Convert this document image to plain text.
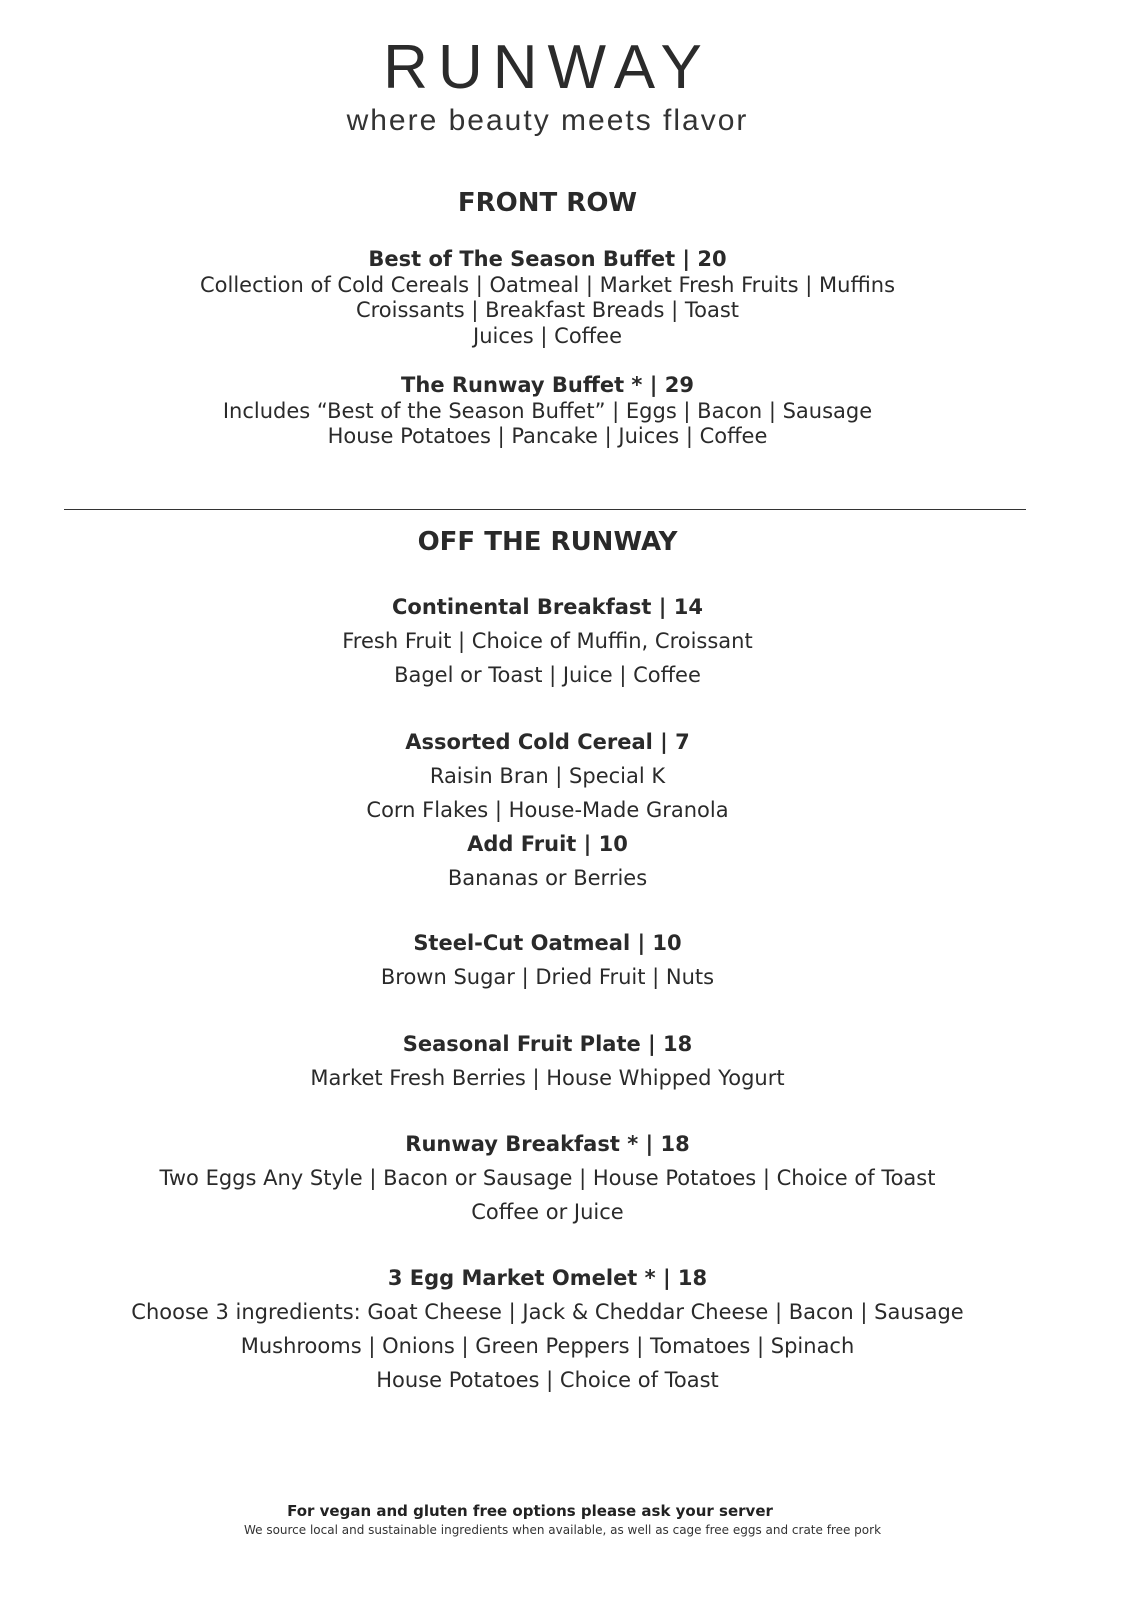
RUNWAY
where beauty meets flavor
FRONT ROW
Best of The Season Buffet | 20
Collection of Cold Cereals | Oatmeal | Market Fresh Fruits | Muffins
Croissants | Breakfast Breads | Toast
Juices | Coffee
The Runway Buffet * | 29
Includes “Best of the Season Buffet” | Eggs | Bacon | Sausage
House Potatoes | Pancake | Juices | Coffee
OFF THE RUNWAY
Continental Breakfast | 14
Fresh Fruit | Choice of Muffin, Croissant
Bagel or Toast | Juice | Coffee
Assorted Cold Cereal | 7
Raisin Bran | Special K
Corn Flakes | House-Made Granola
Add Fruit | 10
Bananas or Berries
Steel-Cut Oatmeal | 10
Brown Sugar | Dried Fruit | Nuts
Seasonal Fruit Plate | 18
Market Fresh Berries | House Whipped Yogurt
Runway Breakfast * | 18
Two Eggs Any Style | Bacon or Sausage | House Potatoes | Choice of Toast
Coffee or Juice
3 Egg Market Omelet * | 18
Choose 3 ingredients: Goat Cheese | Jack & Cheddar Cheese | Bacon | Sausage
Mushrooms | Onions | Green Peppers | Tomatoes | Spinach
House Potatoes | Choice of Toast
For vegan and gluten free options please ask your server
We source local and sustainable ingredients when available, as well as cage free eggs and crate free pork
